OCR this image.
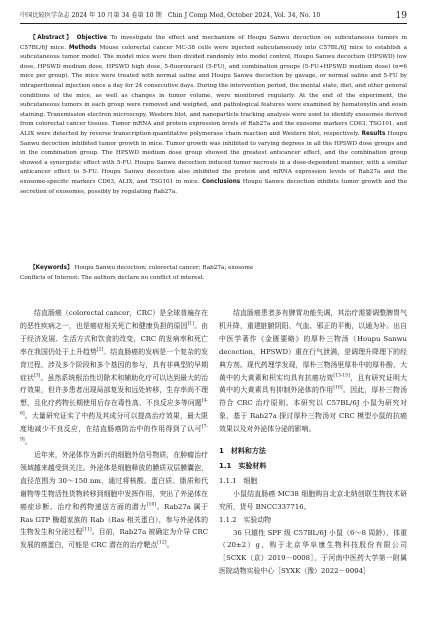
中国比较医学杂志 2024 年 10 月第 34 卷第 10 期　Chin J Comp Med, October 2024, Vol. 34, No. 10	19
【Abstract】 Objective To investigate the effect and mechanism of Houpu Sanwu decoction on subcutaneous tumors in C57BL/6J mice. Methods Mouse colorectal cancer MC-38 cells were injected subcutaneously into C57BL/6J mice to establish a subcutaneous tumor model. The model mice were then divided randomly into model control, Houpu Sanwu decoction (HPSWD) low dose, HPSWD medium dose, HPSWD high dose, 5-fluorouracil (5-FU), and combination groups (5-FU+HPSWD medium dose) (n=6 mice per group). The mice were treated with normal saline and Houpu Sanwu decoction by gavage, or normal saline and 5-FU by intraperitoneal injection once a day for 24 consecutive days. During the intervention period, the mental state, diet, and other general conditions of the mice, as well as changes in tumor volume, were monitored regularly. At the end of the experiment, the subcutaneous tumors in each group were removed and weighed, and pathological features were examined by hematoxylin and eosin staining. Transmission electron microscopy, Western blot, and nanoparticle tracking analysis were used to identify exosomes derived from colorectal cancer tissues. Tumor mRNA and protein expression levels of Rab27a and the exosome markers CD63, TSG101, and ALIX were detected by reverse transcription-quantitative polymerase chain reaction and Western blot, respectively. Results Houpu Sanwu decoction inhibited tumor growth in mice. Tumor growth was inhibited to varying degrees in all the HPSWD dose groups and in the combination group. The HPSWD medium dose group showed the greatest anticancer effect, and the combination group showed a synergistic effect with 5-FU. Houpu Sanwu decoction induced tumor necrosis in a dose-dependent manner, with a similar anticancer effect to 5-FU. Houpu Sanwu decoction also inhibited the protein and mRNA expression levels of Rab27a and the exosome-specific markers CD63, ALIX, and TSG101 in mice. Conclusions Houpu Sanwu decoction inhibits tumor growth and the secretion of exosomes, possibly by regulating Rab27a.
【Keywords】 Houpu Sanwu decoction; colorectal cancer; Rab27a; exosome
Conflicts of Interest: The authors declare no conflict of interest.

结直肠癌（colorectal cancer，CRC）是全球普遍存在的恶性疾病之一，也是癌症相关死亡和健康负担的原因[1]。由于经济发展、生活方式和饮食的改变，CRC 的发病率和死亡率在我国仍处于上升趋势[2]。结直肠癌的发病是一个复杂的发育过程，涉及多个阶段和多个基因的参与，具有非典型的早期症状[3]。虽然系统根治性切除术和辅助化疗可以达到最大的治疗效果，但许多患者出现局部复发和远处转移，生存率尚不理想，且化疗药物长期使用后存在毒性高、不良反应多等问题[4-6]。大量研究证实了中药及其成分可以提高治疗效果，最大限度地减少不良反应，在结直肠癌防治中的作用得到了认可[7-9]。

近年来，外泌体作为新兴的细胞外信号物质，在肿瘤治疗领域越来越受到关注。外泌体是细胞释放的膜质双层膜囊泡，直径范围为 30～150 nm，通过将核酸、蛋白质、脂质和代谢物等生物活性货物转移到细胞中发挥作用，突出了外泌体在癌症诊断、治疗和药物递送方面的潜力[10]。Rab27a 属于 Ras GTP 酶超家族的 Rab（Ras 相关蛋白），参与外泌体的生物发生和分泌过程[11]。目前，Rab27a 被确定为介导 CRC 发展的癌蛋白，可能是 CRC 潜在的治疗靶点[12]。

结直肠癌患者多有脾胃功能失调，其治疗需要调整脾胃气机升降，重建脏腑阴阳、气血、邪正的平衡，以通为补。出自中医学著作《金匮要略》的厚朴三物汤（Houpu Sanwu decoction，HPSWD）重在行气泄满，是调理升降理下的经典方剂。现代药理学发现，厚朴三物汤里厚朴中的厚朴酚、大黄中的大黄素和枳实均具有抗癌功效[13-15]，且有研究证明大黄中的大黄素具有抑制外泌体的作用[16]。因此，厚朴三物汤符合 CRC 治疗原则。本研究以 C57BL/6J 小鼠为研究对象，基于 Rab27a 探讨厚朴三物汤对 CRC 模型小鼠的抗癌效果以及对外泌体分泌的影响。

1　材料和方法
1.1　实验材料

1.1.1　细胞

小鼠结直肠癌 MC38 细胞购自北京北纳创联生物技术研究所，货号 BNCC337716。

1.1.2　实验动物

36 只雄性 SPF 级 C57BL/6J 小鼠（6～8 周龄），体重（20±2）g，购于北京华阜康生物科技股份有限公司［SCXK（京）2019－0008］，于河南中医药大学第一附属医院动物实验中心［SYXK（豫）2022－0004］
